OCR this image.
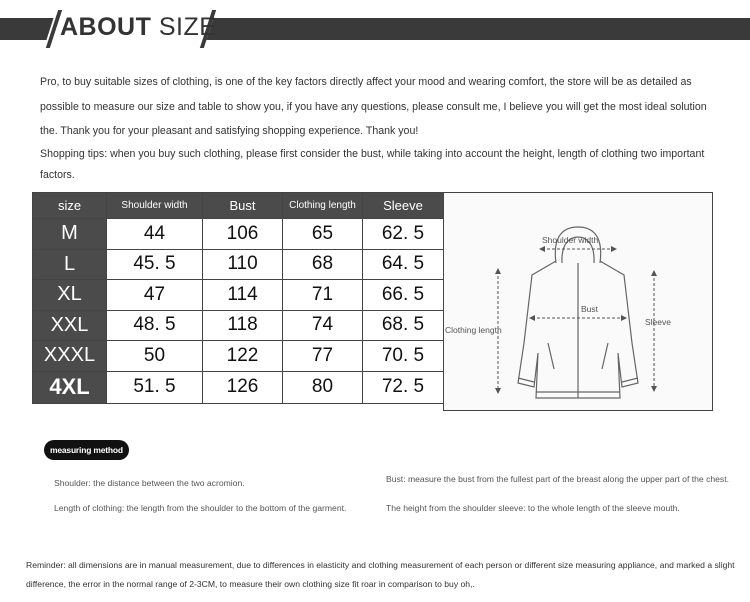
ABOUT SIZE

Pro, to buy suitable sizes of clothing, is one of the key factors directly affect your mood and wearing comfort, the store will be as detailed as possible to measure our size and table to show you, if you have any questions, please consult me, I believe you will get the most ideal solution the. Thank you for your pleasant and satisfying shopping experience. Thank you!

Shopping tips: when you buy such clothing, please first consider the bust, while taking into account the height, length of clothing two important factors.

size	Shoulder width	Bust	Clothing length	Sleeve
M	44	106	65	62. 5
L	45. 5	110	68	64. 5
XL	47	114	71	66. 5
XXL	48. 5	118	74	68. 5
XXXL	50	122	77	70. 5
4XL	51. 5	126	80	72. 5
Shoulder width
Bust
Clothing length
Sleeve
measuring method

Shoulder: the distance between the two acromion.	Bust: measure the bust from the fullest part of the breast along the upper part of the chest.

Length of clothing: the length from the shoulder to the bottom of the garment.	The height from the shoulder sleeve: to the whole length of the sleeve mouth.

Reminder: all dimensions are in manual measurement, due to differences in elasticity and clothing measurement of each person or different size measuring appliance, and marked a slight difference, the error in the normal range of 2-3CM, to measure their own clothing size fit roar in comparison to buy oh,.
